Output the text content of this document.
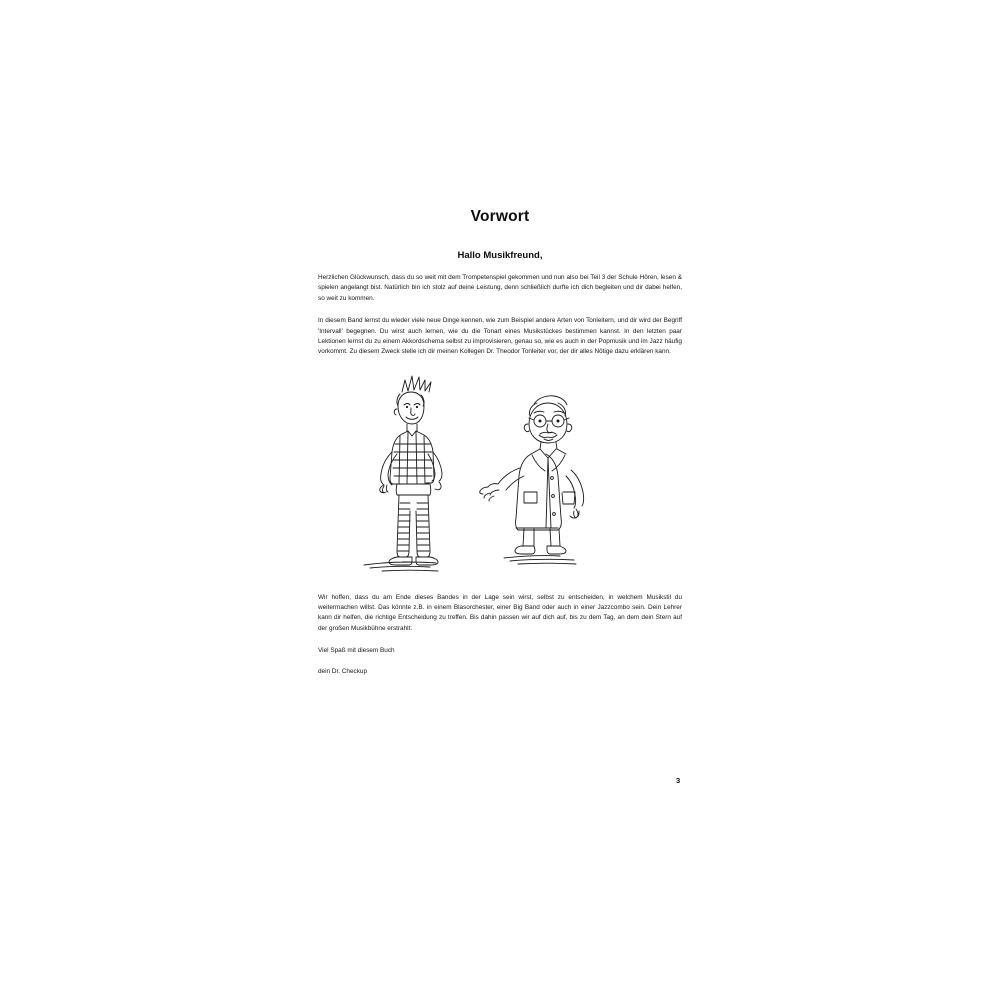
Vorwort
Hallo Musikfreund,

Herzlichen Glückwunsch, dass du so weit mit dem Trompetenspiel gekommen und nun also bei Teil 3 der Schule Hören, lesen & spielen angelangt bist. Natürlich bin ich stolz auf deine Leistung, denn schließlich durfte ich dich begleiten und dir dabei helfen, so weit zu kommen.

In diesem Band lernst du wieder viele neue Dinge kennen, wie zum Beispiel andere Arten von Tonleitern, und dir wird der Begriff 'Intervall' begegnen. Du wirst auch lernen, wie du die Tonart eines Musikstückes bestimmen kannst. In den letzten paar Lektionen lernst du zu einem Akkordschema selbst zu improvisieren, genau so, wie es auch in der Popmusik und im Jazz häufig vorkommt. Zu diesem Zweck stelle ich dir meinen Kollegen Dr. Theodor Tonleiter vor, der dir alles Nötige dazu erklären kann.

Wir hoffen, dass du am Ende dieses Bandes in der Lage sein wirst, selbst zu entscheiden, in welchem Musikstil du weitermachen willst. Das könnte z.B. in einem Blasorchester, einer Big Band oder auch in einer Jazzcombo sein. Dein Lehrer kann dir helfen, die richtige Entscheidung zu treffen. Bis dahin passen wir auf dich auf, bis zu dem Tag, an dem dein Stern auf der großen Musikbühne erstrahlt.

Viel Spaß mit diesem Buch

dein Dr. Checkup

3
